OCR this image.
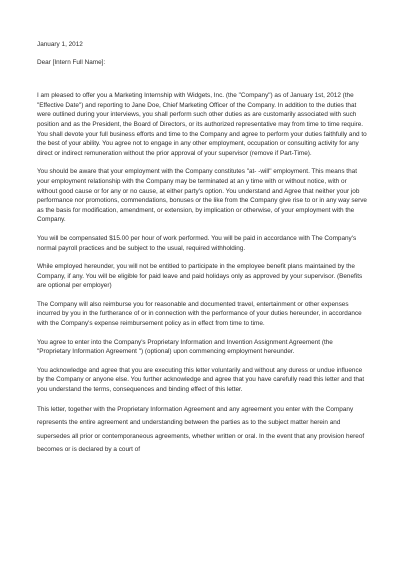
January 1, 2012

Dear [Intern Full Name]:

I am pleased to offer you a Marketing Internship with Widgets, Inc. (the "Company") as of January 1st, 2012 (the "Effective Date") and reporting to Jane Doe, Chief Marketing Officer of the Company. In addition to the duties that were outlined during your interviews, you shall perform such other duties as are customarily associated with such position and as the President, the Board of Directors, or its authorized representative may from time to time require. You shall devote your full business efforts and time to the Company and agree to perform your duties faithfully and to the best of your ability. You agree not to engage in any other employment, occupation or consulting activity for any direct or indirect remuneration without the prior approval of your supervisor (remove if Part-Time).

You should be aware that your employment with the Company constitutes "at- -will" employment. This means that your employment relationship with the Company may be terminated at an y time with or without notice, with or without good cause or for any or no cause, at either party's option. You understand and Agree that neither your job performance nor promotions, commendations, bonuses or the like from the Company give rise to or in any way serve as the basis for modification, amendment, or extension, by implication or otherwise, of your employment with the Company.

You will be compensated $15.00 per hour of work performed. You will be paid in accordance with The Company's normal payroll practices and be subject to the usual, required withholding.

While employed hereunder, you will not be entitled to participate in the employee benefit plans maintained by the Company, if any. You will be eligible for paid leave and paid holidays only as approved by your supervisor. (Benefits are optional per employer)

The Company will also reimburse you for reasonable and documented travel, entertainment or other expenses incurred by you in the furtherance of or in connection with the performance of your duties hereunder, in accordance with the Company's expense reimbursement policy as in effect from time to time.

You agree to enter into the Company's Proprietary Information and Invention Assignment Agreement (the "Proprietary Information Agreement ") (optional) upon commencing employment hereunder.

You acknowledge and agree that you are executing this letter voluntarily and without any duress or undue influence by the Company or anyone else. You further acknowledge and agree that you have carefully read this letter and that you understand the terms, consequences and binding effect of this letter.

This letter, together with the Proprietary Information Agreement and any agreement you enter with the Company represents the entire agreement and understanding between the parties as to the subject matter herein and supersedes all prior or contemporaneous agreements, whether written or oral. In the event that any provision hereof becomes or is declared by a court of
